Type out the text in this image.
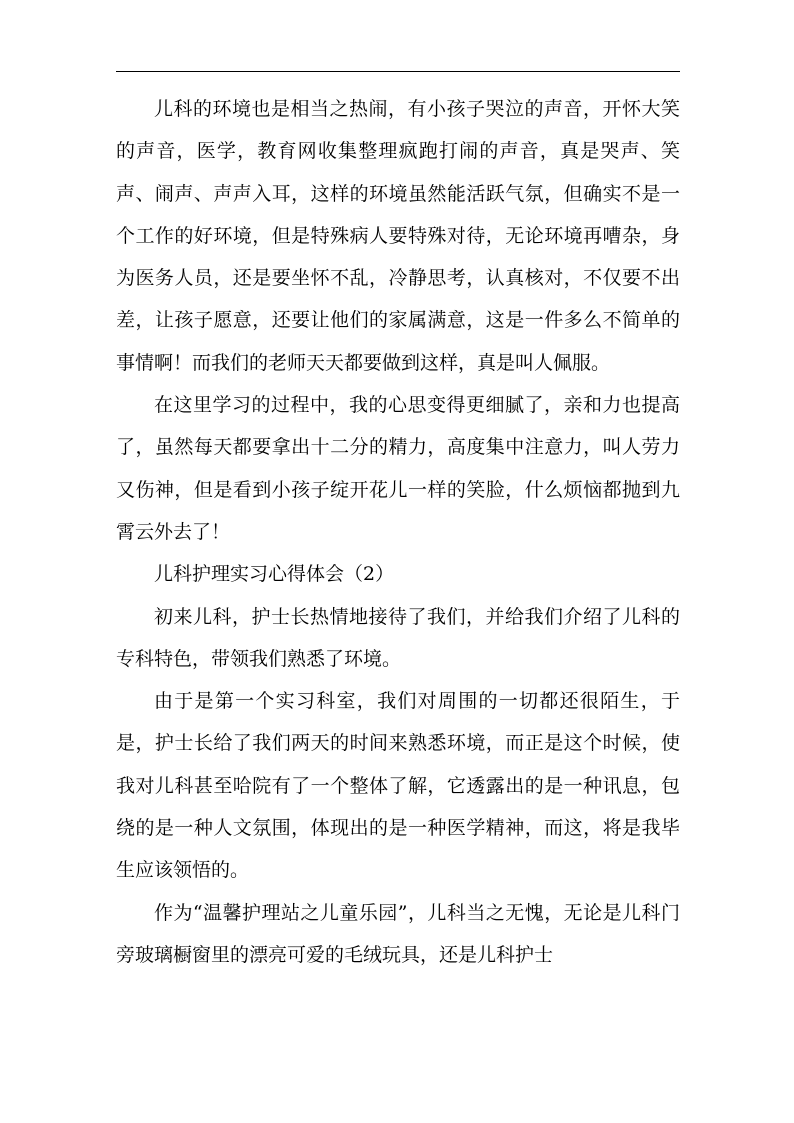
儿科的环境也是相当之热闹，有小孩子哭泣的声音，开怀大笑的声音，医学，教育网收集整理疯跑打闹的声音，真是哭声、笑声、闹声、声声入耳，这样的环境虽然能活跃气氛，但确实不是一个工作的好环境，但是特殊病人要特殊对待，无论环境再嘈杂，身为医务人员，还是要坐怀不乱，冷静思考，认真核对，不仅要不出差，让孩子愿意，还要让他们的家属满意，这是一件多么不简单的事情啊！而我们的老师天天都要做到这样，真是叫人佩服。

在这里学习的过程中，我的心思变得更细腻了，亲和力也提高了，虽然每天都要拿出十二分的精力，高度集中注意力，叫人劳力又伤神，但是看到小孩子绽开花儿一样的笑脸，什么烦恼都抛到九霄云外去了！

儿科护理实习心得体会（2）

初来儿科，护士长热情地接待了我们，并给我们介绍了儿科的专科特色，带领我们熟悉了环境。

由于是第一个实习科室，我们对周围的一切都还很陌生，于是，护士长给了我们两天的时间来熟悉环境，而正是这个时候，使我对儿科甚至哈院有了一个整体了解，它透露出的是一种讯息，包绕的是一种人文氛围，体现出的是一种医学精神，而这，将是我毕生应该领悟的。

作为“温馨护理站之儿童乐园”，儿科当之无愧，无论是儿科门旁玻璃橱窗里的漂亮可爱的毛绒玩具，还是儿科护士
